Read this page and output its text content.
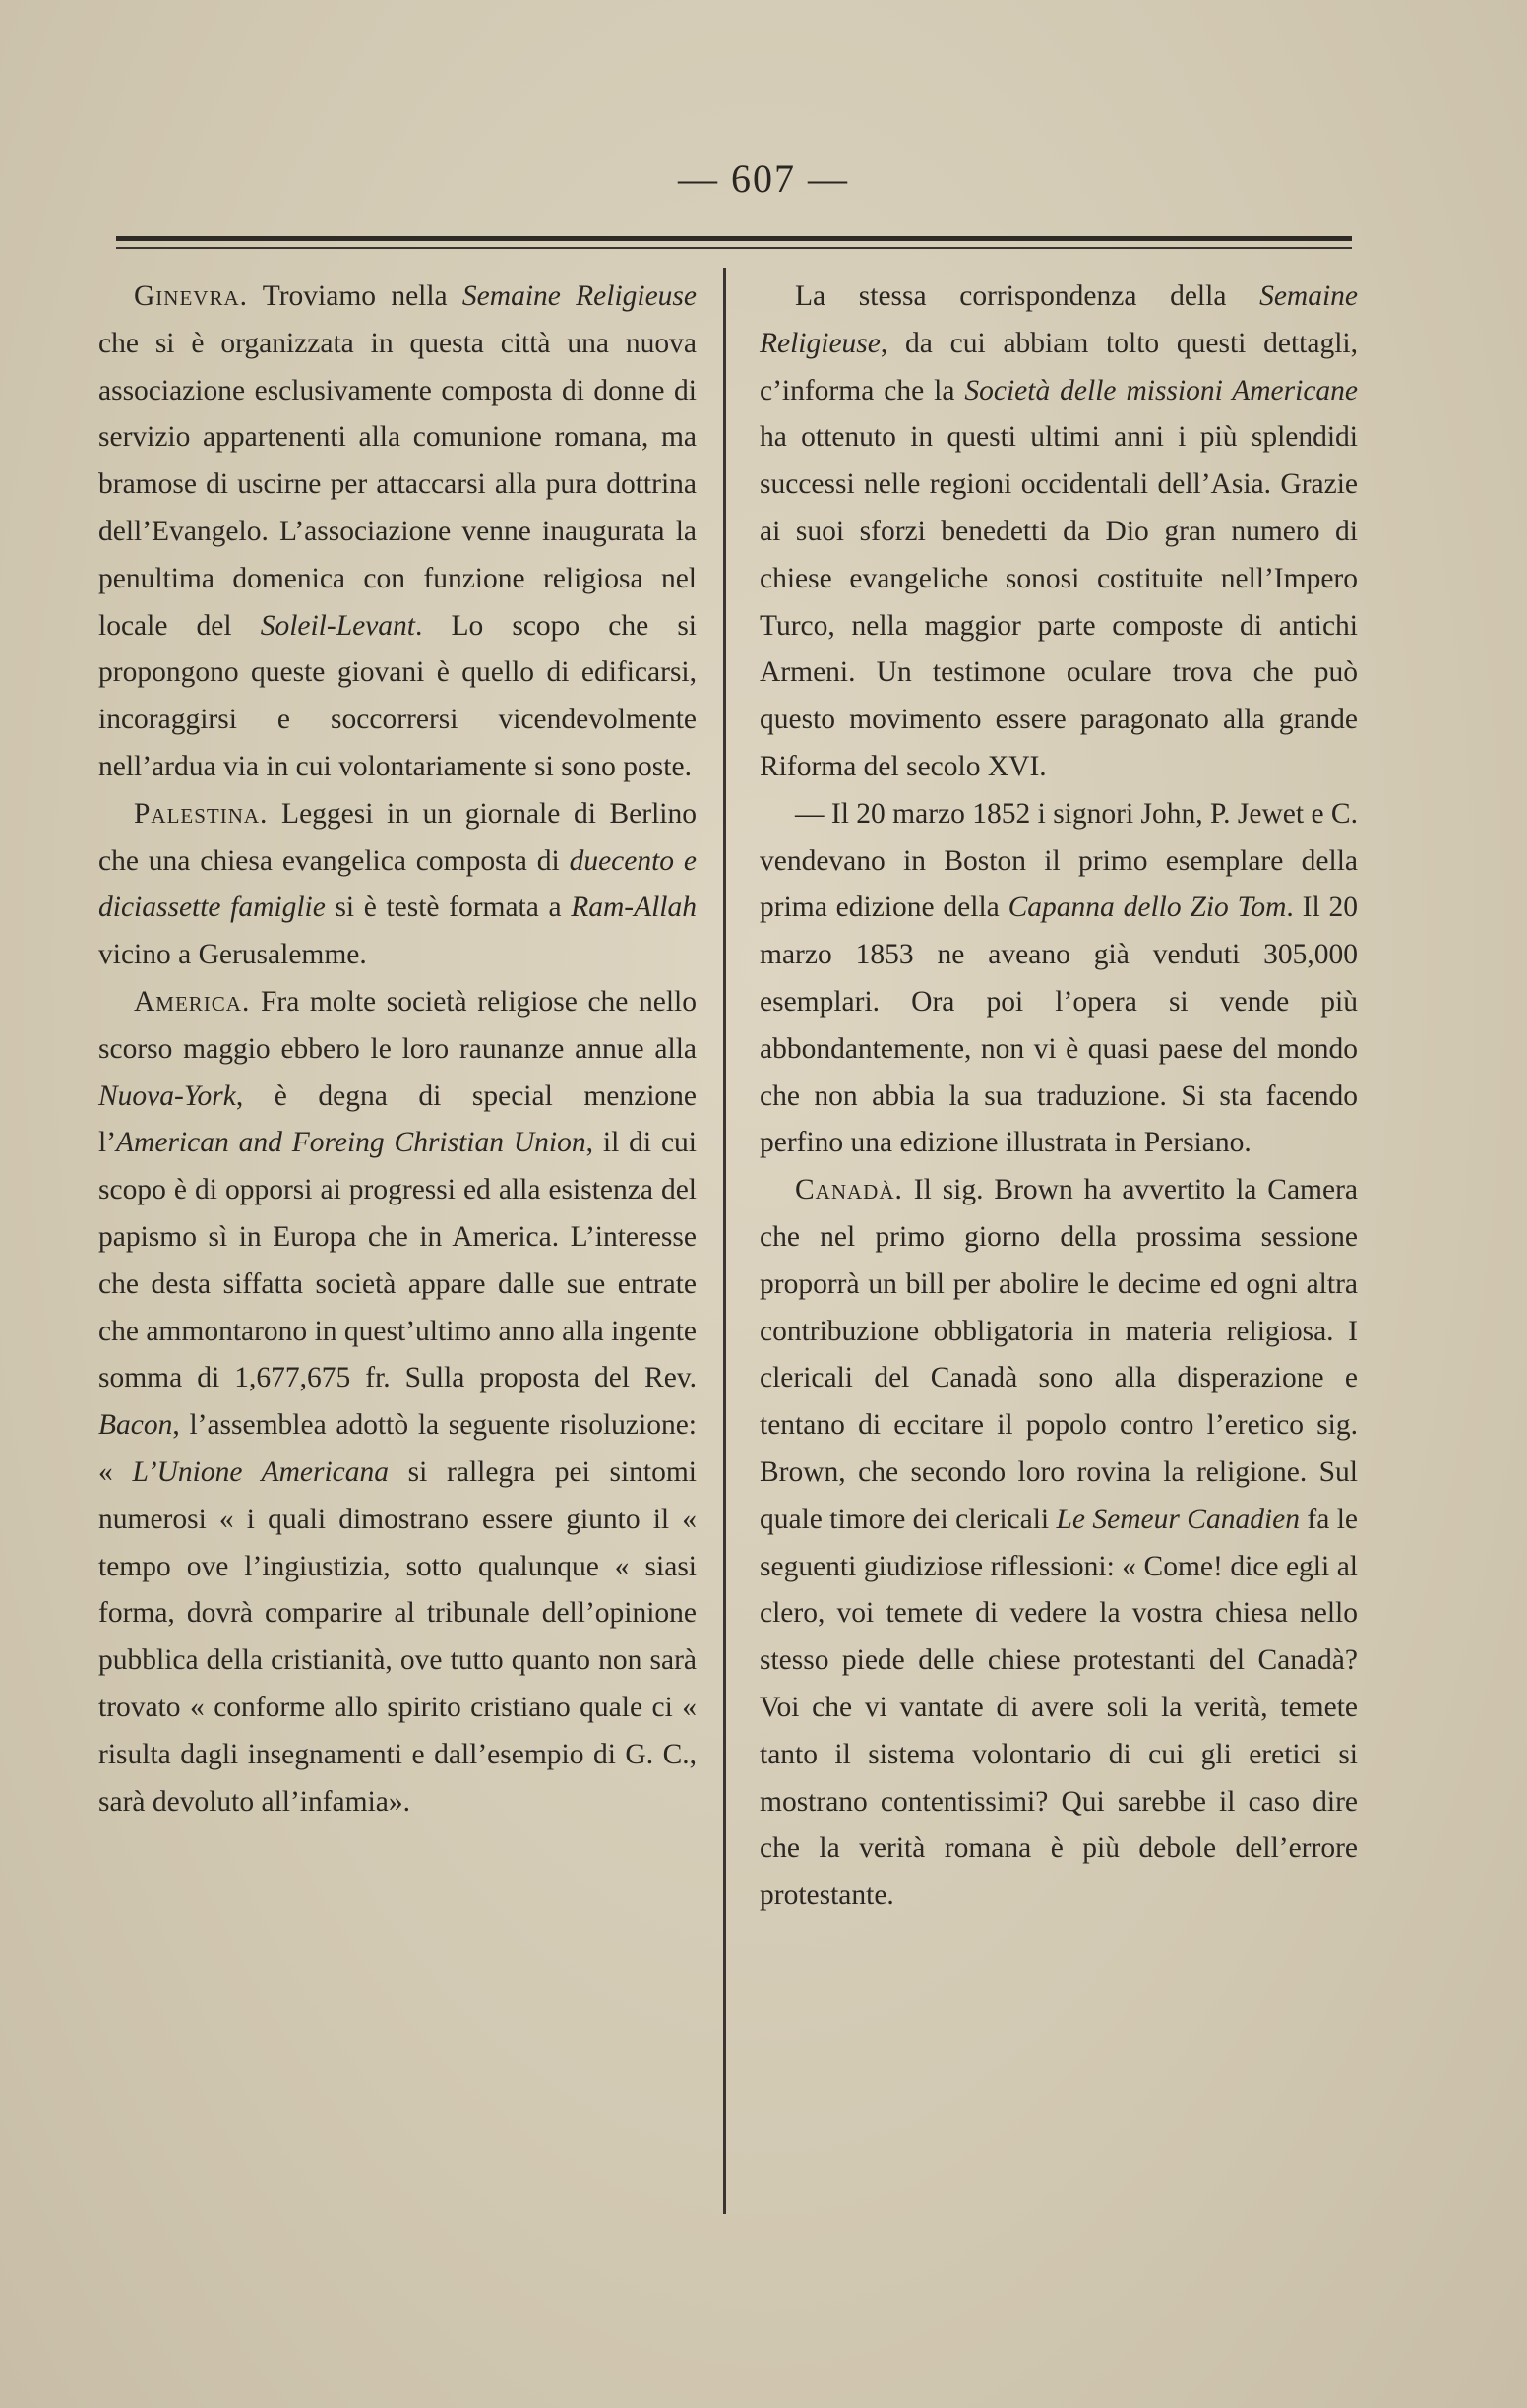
— 607 —

Ginevra. Troviamo nella Semaine Religieuse che si è organizzata in questa città una nuova associazione esclusivamente composta di donne di servizio appartenenti alla comunione romana, ma bramose di uscirne per attaccarsi alla pura dottrina dell’Evangelo. L’associazione venne inaugurata la penultima domenica con funzione religiosa nel locale del Soleil-Levant. Lo scopo che si propongono queste giovani è quello di edificarsi, incoraggirsi e soccorrersi vicendevolmente nell’ardua via in cui volontariamente si sono poste.

Palestina. Leggesi in un giornale di Berlino che una chiesa evangelica composta di duecento e diciassette famiglie si è testè formata a Ram-Allah vicino a Gerusalemme.

America. Fra molte società religiose che nello scorso maggio ebbero le loro raunanze annue alla Nuova-York, è degna di special menzione l’American and Foreing Christian Union, il di cui scopo è di opporsi ai progressi ed alla esistenza del papismo sì in Europa che in America. L’interesse che desta siffatta società appare dalle sue entrate che ammontarono in quest’ultimo anno alla ingente somma di 1,677,675 fr. Sulla proposta del Rev. Bacon, l’assemblea adottò la seguente risoluzione: « L’Unione Americana si rallegra pei sintomi numerosi « i quali dimostrano essere giunto il « tempo ove l’ingiustizia, sotto qualunque « siasi forma, dovrà comparire al tribunale dell’opinione pubblica della cristianità, ove tutto quanto non sarà trovato « conforme allo spirito cristiano quale ci « risulta dagli insegnamenti e dall’esempio di G. C., sarà devoluto all’infamia».

La stessa corrispondenza della Semaine Religieuse, da cui abbiam tolto questi dettagli, c’informa che la Società delle missioni Americane ha ottenuto in questi ultimi anni i più splendidi successi nelle regioni occidentali dell’Asia. Grazie ai suoi sforzi benedetti da Dio gran numero di chiese evangeliche sonosi costituite nell’Impero Turco, nella maggior parte composte di antichi Armeni. Un testimone oculare trova che può questo movimento essere paragonato alla grande Riforma del secolo XVI.

— Il 20 marzo 1852 i signori John, P. Jewet e C. vendevano in Boston il primo esemplare della prima edizione della Capanna dello Zio Tom. Il 20 marzo 1853 ne aveano già venduti 305,000 esemplari. Ora poi l’opera si vende più abbondantemente, non vi è quasi paese del mondo che non abbia la sua traduzione. Si sta facendo perfino una edizione illustrata in Persiano.

Canadà. Il sig. Brown ha avvertito la Camera che nel primo giorno della prossima sessione proporrà un bill per abolire le decime ed ogni altra contribuzione obbligatoria in materia religiosa. I clericali del Canadà sono alla disperazione e tentano di eccitare il popolo contro l’eretico sig. Brown, che secondo loro rovina la religione. Sul quale timore dei clericali Le Semeur Canadien fa le seguenti giudiziose riflessioni: « Come! dice egli al clero, voi temete di vedere la vostra chiesa nello stesso piede delle chiese protestanti del Canadà? Voi che vi vantate di avere soli la verità, temete tanto il sistema volontario di cui gli eretici si mostrano contentissimi? Qui sarebbe il caso dire che la verità romana è più debole dell’errore protestante.
